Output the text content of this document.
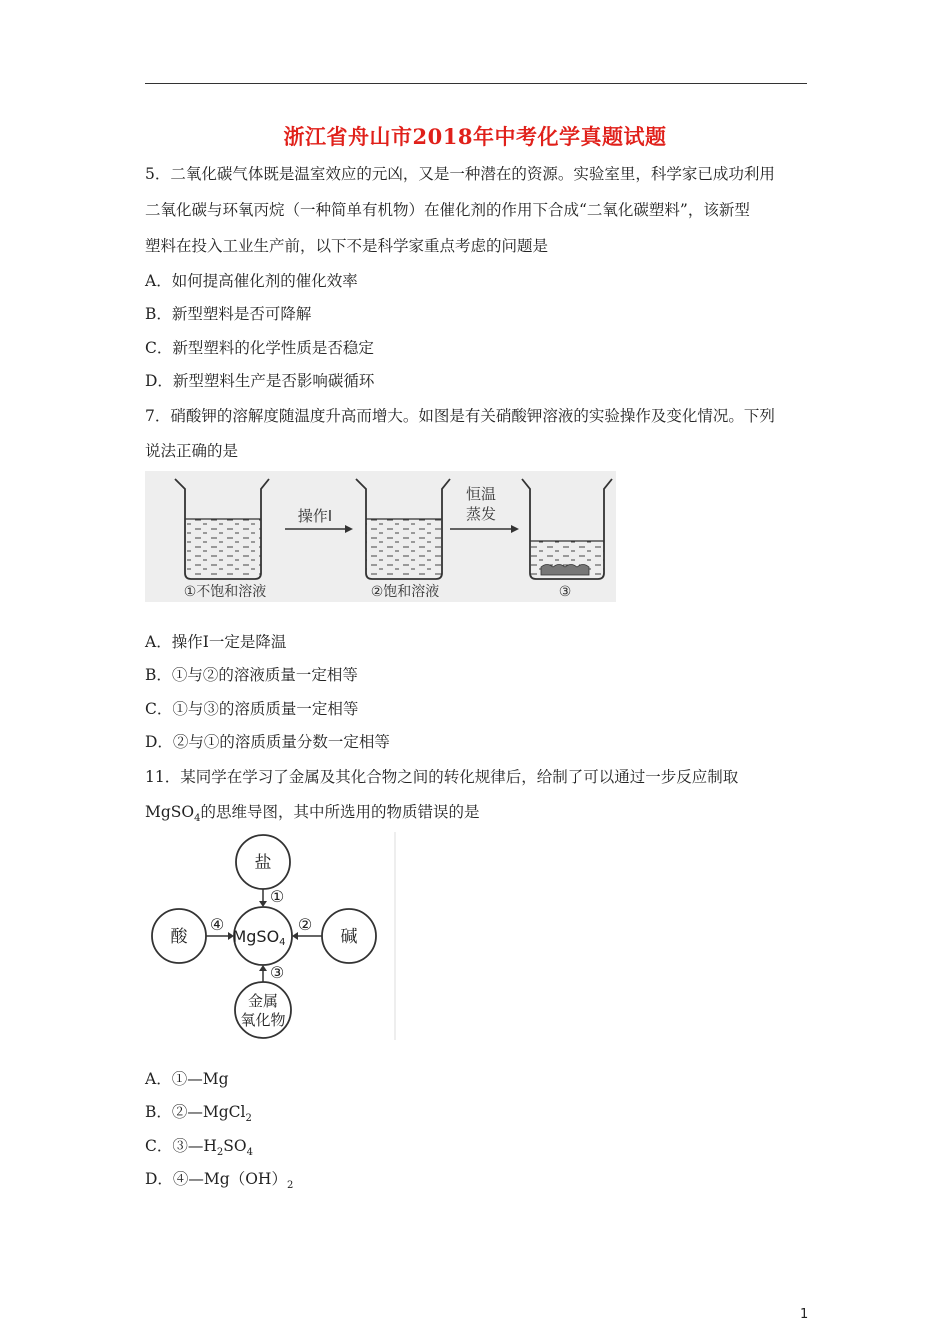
浙江省舟山市2018年中考化学真题试题
5．二氧化碳气体既是温室效应的元凶，又是一种潜在的资源。实验室里，科学家已成功利用
二氧化碳与环氧丙烷（一种简单有机物）在催化剂的作用下合成“二氧化碳塑料”，该新型
塑料在投入工业生产前，以下不是科学家重点考虑的问题是
A．如何提高催化剂的催化效率
B．新型塑料是否可降解
C．新型塑料的化学性质是否稳定
D．新型塑料生产是否影响碳循环
7．硝酸钾的溶解度随温度升高而增大。如图是有关硝酸钾溶液的实验操作及变化情况。下列
说法正确的是
操作Ⅰ
恒温
蒸发
①不饱和溶液	②饱和溶液	③
A．操作Ⅰ一定是降温
B．①与②的溶液质量一定相等
C．①与③的溶质质量一定相等
D．②与①的溶质质量分数一定相等
11．某同学在学习了金属及其化合物之间的转化规律后，给制了可以通过一步反应制取
MgSO$_4$的思维导图，其中所选用的物质错误的是
盐
酸	碱
金属
氧化物
MgSO4
①
②
③
④
A．①—Mg
B．②—MgCl$_2$
C．$③—H_2SO_4$
D．$④—Mg(OH)_2$
1
